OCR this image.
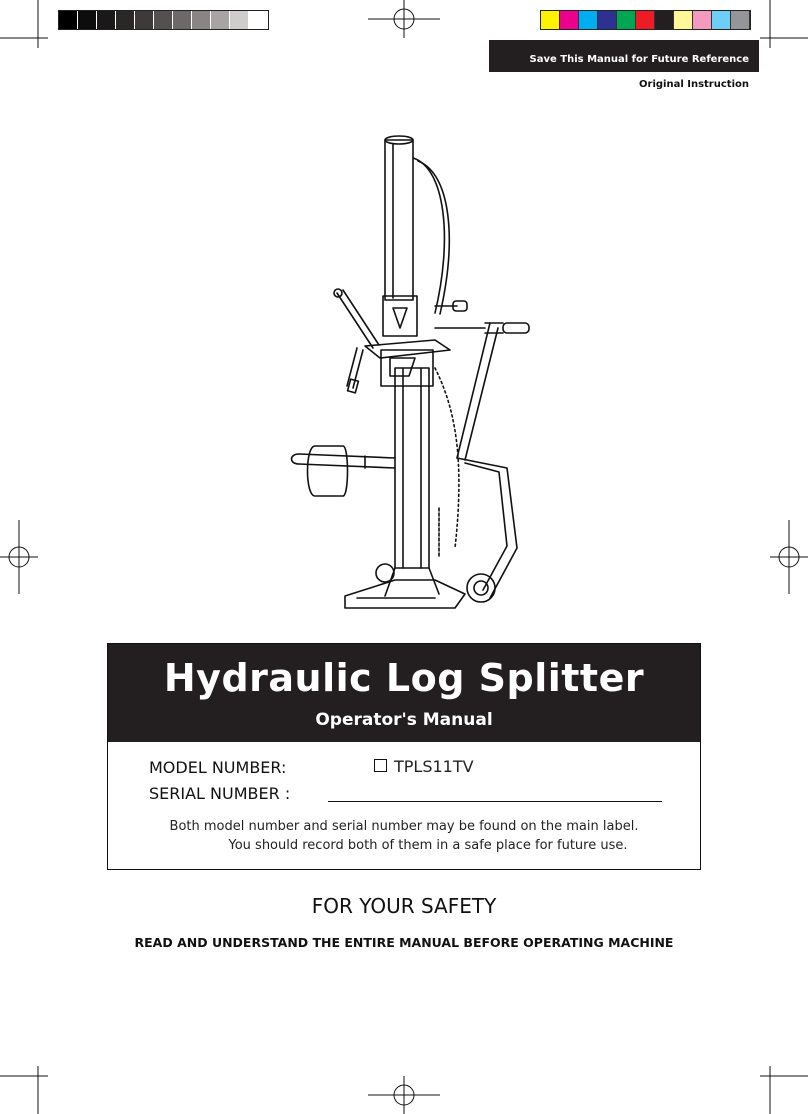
Save This Manual for Future Reference
Original Instruction
Hydraulic Log Splitter
Operator's Manual
MODEL NUMBER:	TPLS11TV
SERIAL NUMBER :
Both model number and serial number may be found on the main label.
You should record both of them in a safe place for future use.
FOR YOUR SAFETY
READ AND UNDERSTAND THE ENTIRE MANUAL BEFORE OPERATING MACHINE
